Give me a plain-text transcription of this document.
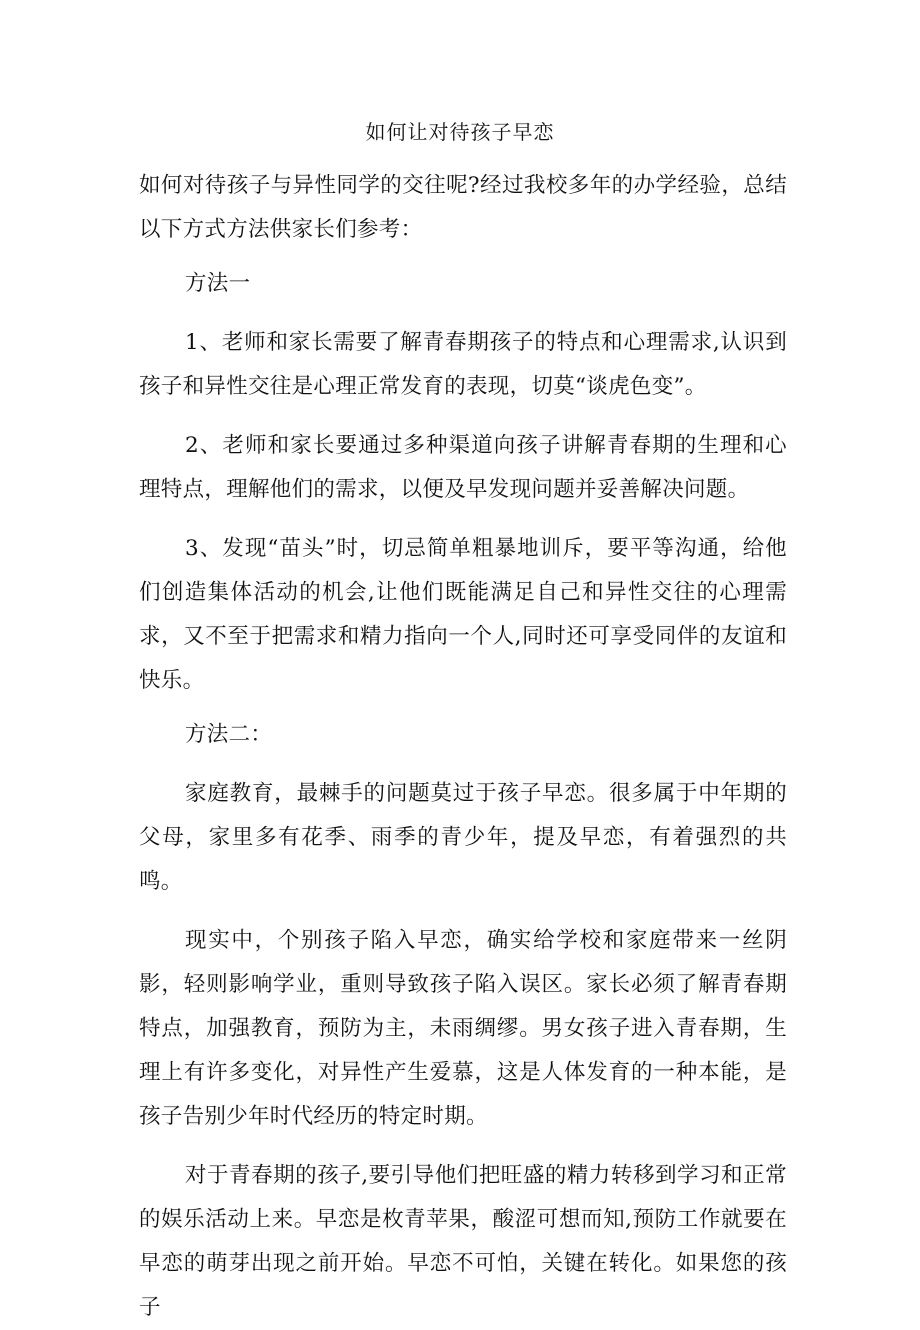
如何让对待孩子早恋

如何对待孩子与异性同学的交往呢?经过我校多年的办学经验，总结以下方式方法供家长们参考：

方法一

1、老师和家长需要了解青春期孩子的特点和心理需求,认识到孩子和异性交往是心理正常发育的表现，切莫“谈虎色变”。

2、老师和家长要通过多种渠道向孩子讲解青春期的生理和心理特点，理解他们的需求，以便及早发现问题并妥善解决问题。

3、发现“苗头”时，切忌简单粗暴地训斥，要平等沟通，给他们创造集体活动的机会,让他们既能满足自己和异性交往的心理需求，又不至于把需求和精力指向一个人,同时还可享受同伴的友谊和快乐。

方法二：

家庭教育，最棘手的问题莫过于孩子早恋。很多属于中年期的父母，家里多有花季、雨季的青少年，提及早恋，有着强烈的共鸣。

现实中，个别孩子陷入早恋，确实给学校和家庭带来一丝阴影，轻则影响学业，重则导致孩子陷入误区。家长必须了解青春期特点，加强教育，预防为主，未雨绸缪。男女孩子进入青春期，生理上有许多变化，对异性产生爱慕，这是人体发育的一种本能，是孩子告别少年时代经历的特定时期。

对于青春期的孩子,要引导他们把旺盛的精力转移到学习和正常的娱乐活动上来。早恋是枚青苹果，酸涩可想而知,预防工作就要在早恋的萌芽出现之前开始。早恋不可怕，关键在转化。如果您的孩子
